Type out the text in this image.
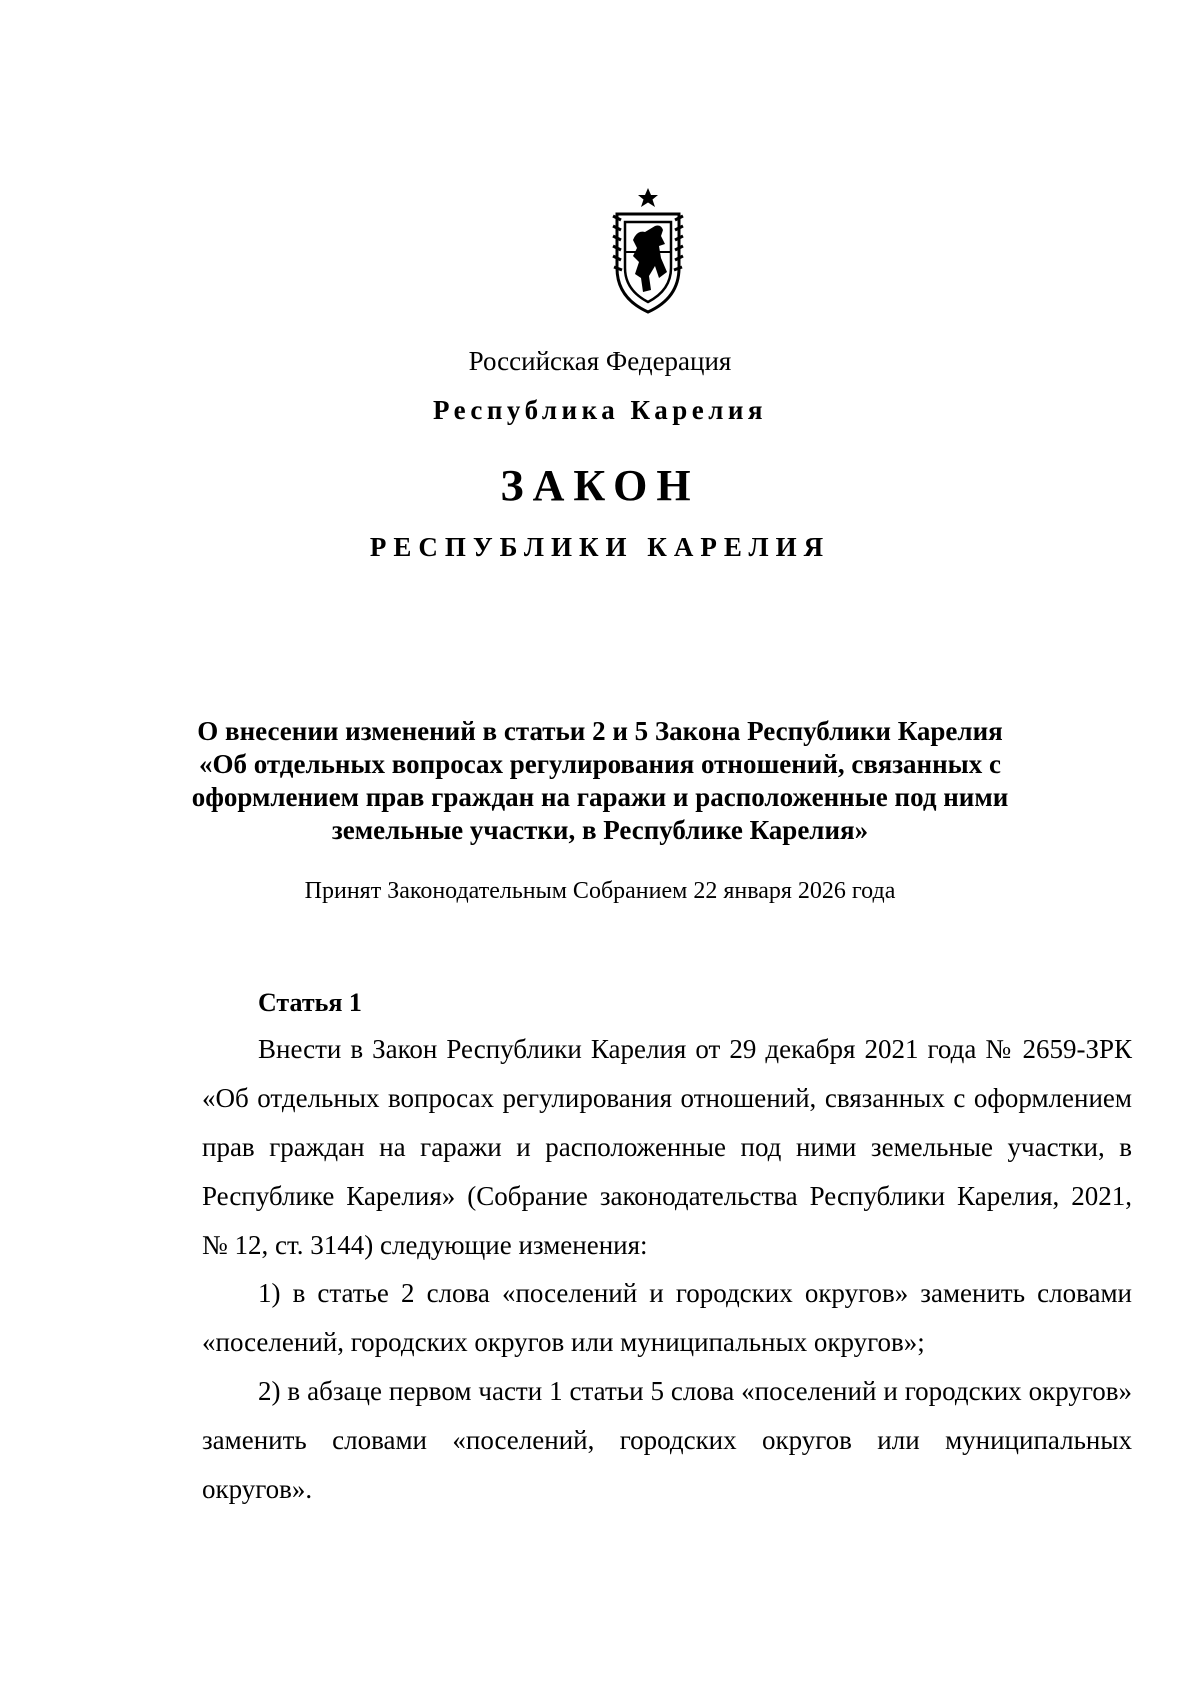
Российская Федерация
Республика Карелия
ЗАКОН
РЕСПУБЛИКИ КАРЕЛИЯ
О внесении изменений в статьи 2 и 5 Закона Республики Карелия
«Об отдельных вопросах регулирования отношений, связанных с
оформлением прав граждан на гаражи и расположенные под ними
земельные участки, в Республике Карелия»
Принят Законодательным Собранием 22 января 2026 года
Статья 1

Внести в Закон Республики Карелия от 29 декабря 2021 года № 2659-ЗРК «Об отдельных вопросах регулирования отношений, связанных с оформлением прав граждан на гаражи и расположенные под ними земельные участки, в Республике Карелия» (Собрание законодательства Республики Карелия, 2021, № 12, ст. 3144) следующие изменения:

1) в статье 2 слова «поселений и городских округов» заменить словами «поселений, городских округов или муниципальных округов»;

2) в абзаце первом части 1 статьи 5 слова «поселений и городских округов» заменить словами «поселений, городских округов или муниципальных округов».
